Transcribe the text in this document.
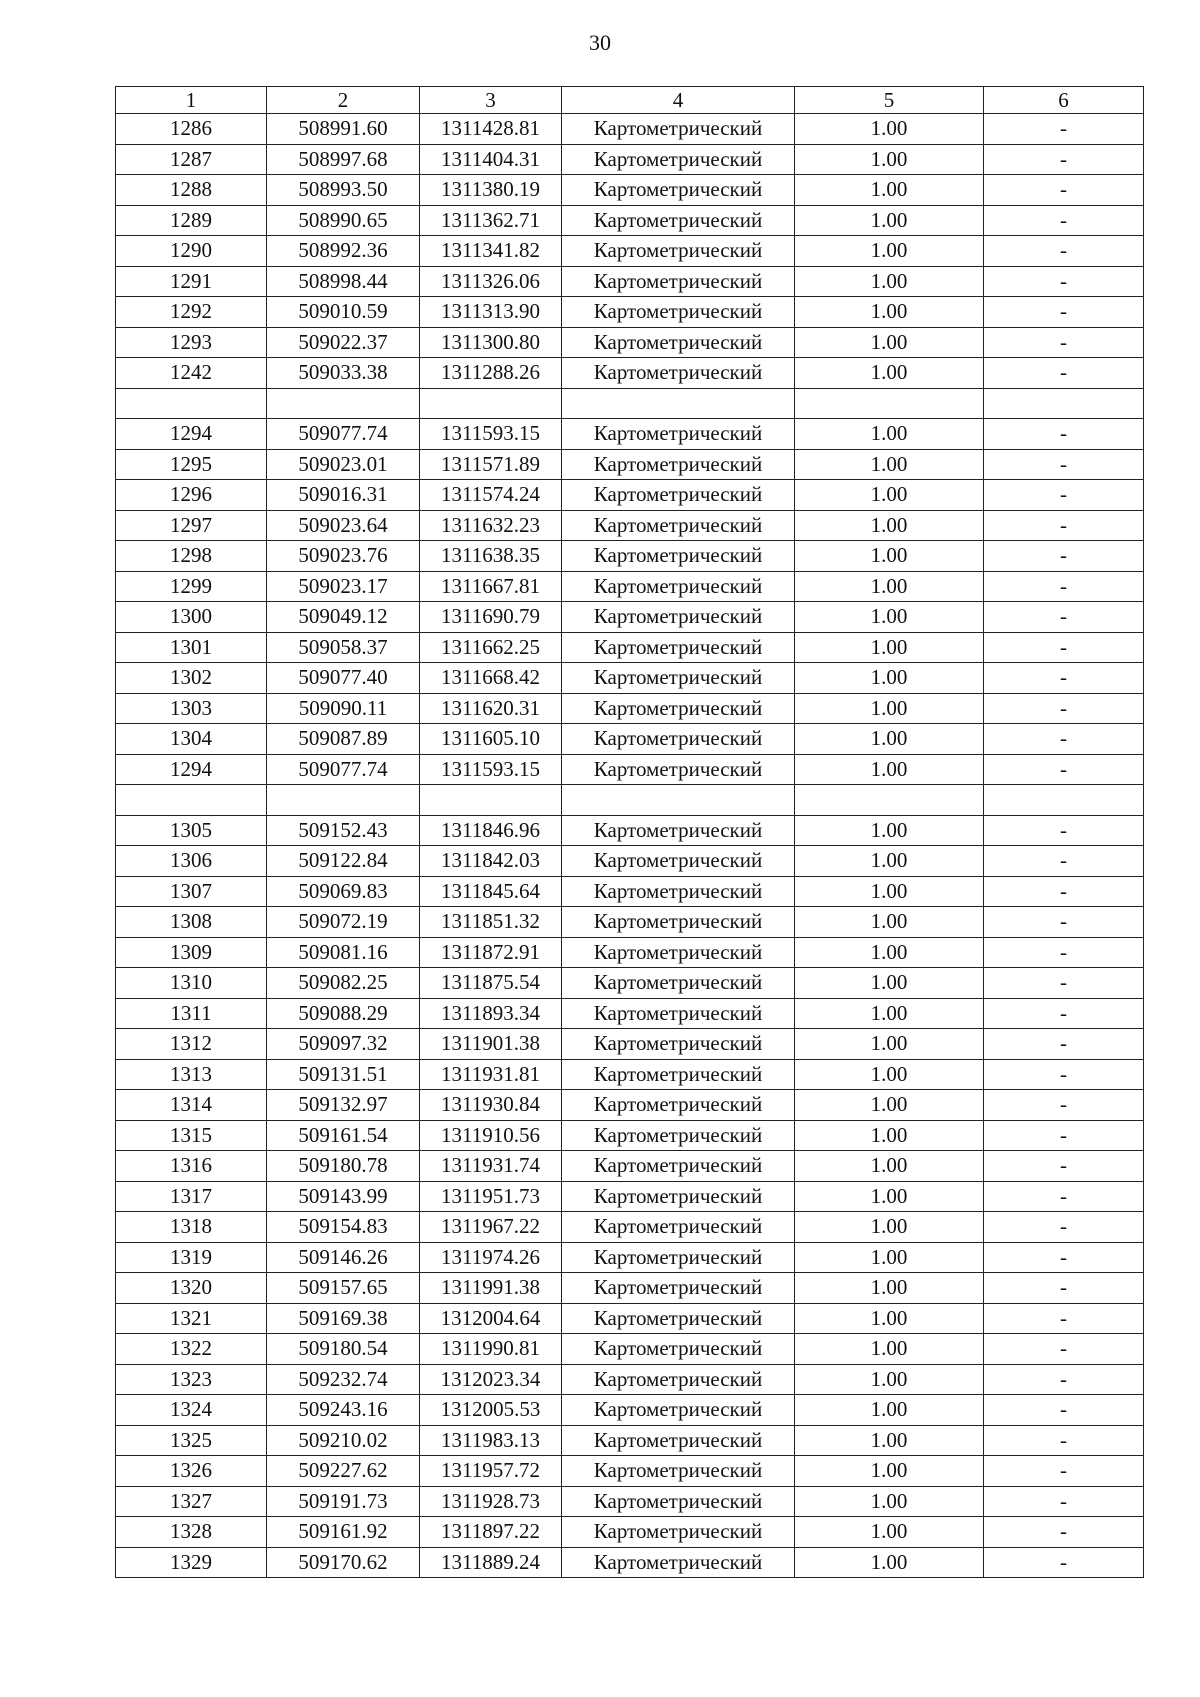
30
1	2	3	4	5	6
1286	508991.60	1311428.81	Картометрический	1.00	-
1287	508997.68	1311404.31	Картометрический	1.00	-
1288	508993.50	1311380.19	Картометрический	1.00	-
1289	508990.65	1311362.71	Картометрический	1.00	-
1290	508992.36	1311341.82	Картометрический	1.00	-
1291	508998.44	1311326.06	Картометрический	1.00	-
1292	509010.59	1311313.90	Картометрический	1.00	-
1293	509022.37	1311300.80	Картометрический	1.00	-
1242	509033.38	1311288.26	Картометрический	1.00	-

1294	509077.74	1311593.15	Картометрический	1.00	-
1295	509023.01	1311571.89	Картометрический	1.00	-
1296	509016.31	1311574.24	Картометрический	1.00	-
1297	509023.64	1311632.23	Картометрический	1.00	-
1298	509023.76	1311638.35	Картометрический	1.00	-
1299	509023.17	1311667.81	Картометрический	1.00	-
1300	509049.12	1311690.79	Картометрический	1.00	-
1301	509058.37	1311662.25	Картометрический	1.00	-
1302	509077.40	1311668.42	Картометрический	1.00	-
1303	509090.11	1311620.31	Картометрический	1.00	-
1304	509087.89	1311605.10	Картометрический	1.00	-
1294	509077.74	1311593.15	Картометрический	1.00	-

1305	509152.43	1311846.96	Картометрический	1.00	-
1306	509122.84	1311842.03	Картометрический	1.00	-
1307	509069.83	1311845.64	Картометрический	1.00	-
1308	509072.19	1311851.32	Картометрический	1.00	-
1309	509081.16	1311872.91	Картометрический	1.00	-
1310	509082.25	1311875.54	Картометрический	1.00	-
1311	509088.29	1311893.34	Картометрический	1.00	-
1312	509097.32	1311901.38	Картометрический	1.00	-
1313	509131.51	1311931.81	Картометрический	1.00	-
1314	509132.97	1311930.84	Картометрический	1.00	-
1315	509161.54	1311910.56	Картометрический	1.00	-
1316	509180.78	1311931.74	Картометрический	1.00	-
1317	509143.99	1311951.73	Картометрический	1.00	-
1318	509154.83	1311967.22	Картометрический	1.00	-
1319	509146.26	1311974.26	Картометрический	1.00	-
1320	509157.65	1311991.38	Картометрический	1.00	-
1321	509169.38	1312004.64	Картометрический	1.00	-
1322	509180.54	1311990.81	Картометрический	1.00	-
1323	509232.74	1312023.34	Картометрический	1.00	-
1324	509243.16	1312005.53	Картометрический	1.00	-
1325	509210.02	1311983.13	Картометрический	1.00	-
1326	509227.62	1311957.72	Картометрический	1.00	-
1327	509191.73	1311928.73	Картометрический	1.00	-
1328	509161.92	1311897.22	Картометрический	1.00	-
1329	509170.62	1311889.24	Картометрический	1.00	-
